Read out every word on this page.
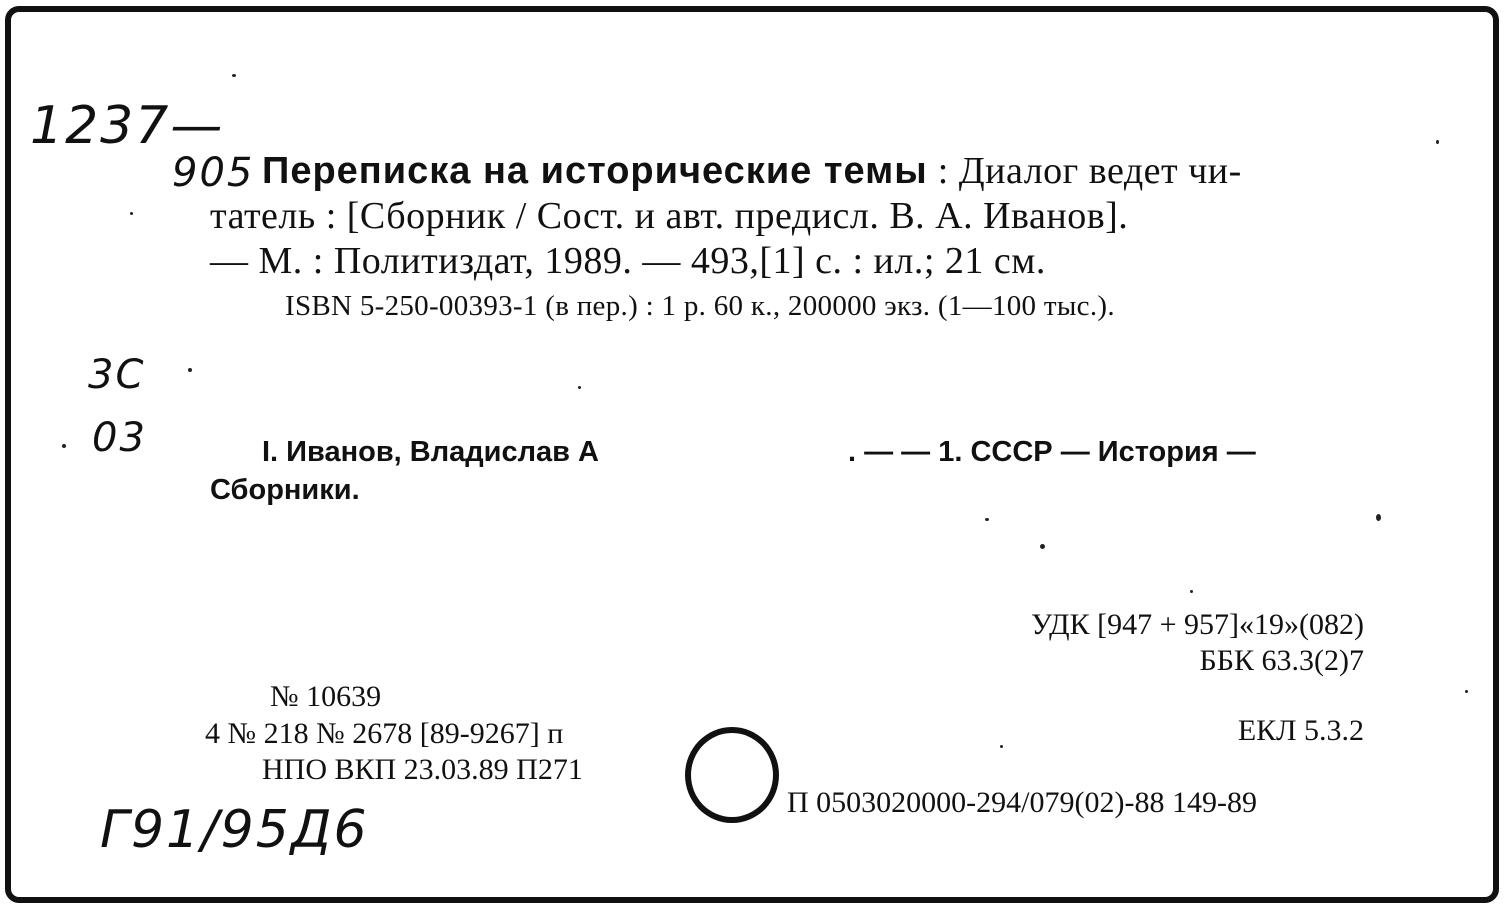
1237—
905
3С
03
Г91/95Д6
Переписка на исторические темы : Диалог ведет чи-
татель : [Сборник / Сост. и авт. предисл. В. А. Иванов].
— М. : Политиздат, 1989. — 493,[1] с. : ил.; 21 см.
ISBN 5-250-00393-1 (в пер.) : 1 р. 60 к., 200000 экз. (1—100 тыс.).
I. Иванов, Владислав А	. — — 1. СССР — История —
Сборники.
УДК [947 + 957]«19»(082)
ББК 63.3(2)7
ЕКЛ 5.3.2
П 0503020000-294/079(02)-88 149-89
№ 10639
4 № 218 № 2678 [89-9267] п
НПО ВКП 23.03.89 П271
